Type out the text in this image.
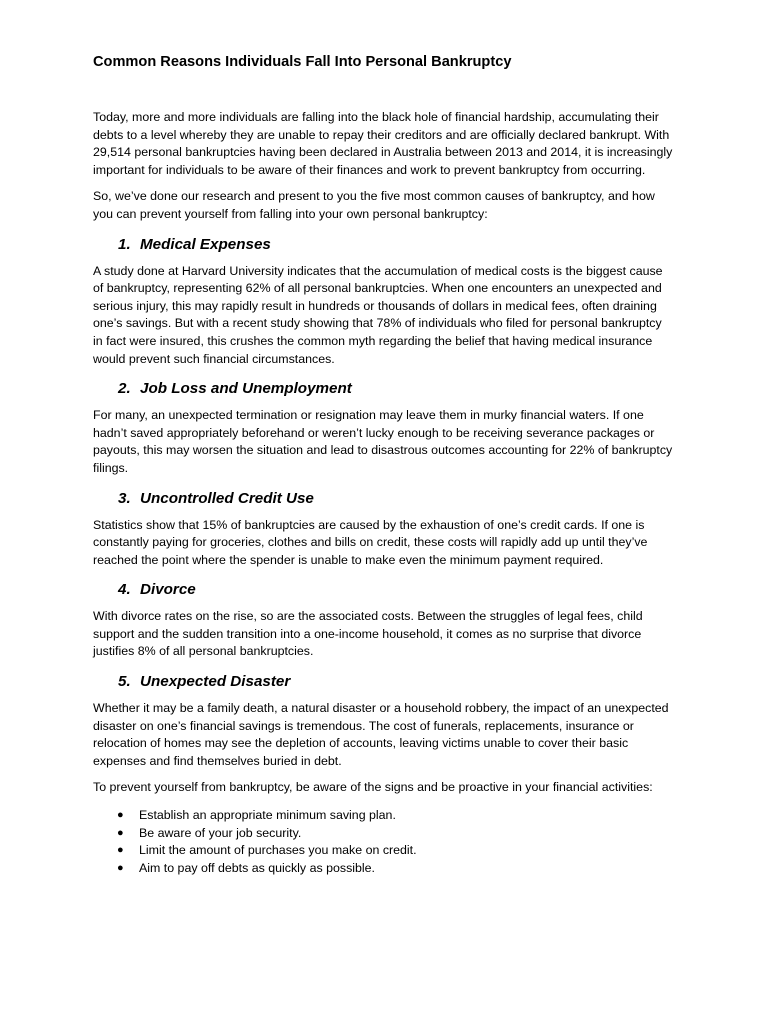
Common Reasons Individuals Fall Into Personal Bankruptcy

Today, more and more individuals are falling into the black hole of financial hardship, accumulating their debts to a level whereby they are unable to repay their creditors and are officially declared bankrupt. With 29,514 personal bankruptcies having been declared in Australia between 2013 and 2014, it is increasingly important for individuals to be aware of their finances and work to prevent bankruptcy from occurring.

So, we’ve done our research and present to you the five most common causes of bankruptcy, and how you can prevent yourself from falling into your own personal bankruptcy:

1. Medical Expenses

A study done at Harvard University indicates that the accumulation of medical costs is the biggest cause of bankruptcy, representing 62% of all personal bankruptcies. When one encounters an unexpected and serious injury, this may rapidly result in hundreds or thousands of dollars in medical fees, often draining one’s savings. But with a recent study showing that 78% of individuals who filed for personal bankruptcy in fact were insured, this crushes the common myth regarding the belief that having medical insurance would prevent such financial circumstances.

2. Job Loss and Unemployment

For many, an unexpected termination or resignation may leave them in murky financial waters. If one hadn’t saved appropriately beforehand or weren’t lucky enough to be receiving severance packages or payouts, this may worsen the situation and lead to disastrous outcomes accounting for 22% of bankruptcy filings.

3. Uncontrolled Credit Use

Statistics show that 15% of bankruptcies are caused by the exhaustion of one’s credit cards. If one is constantly paying for groceries, clothes and bills on credit, these costs will rapidly add up until they’ve reached the point where the spender is unable to make even the minimum payment required.

4. Divorce

With divorce rates on the rise, so are the associated costs. Between the struggles of legal fees, child support and the sudden transition into a one-income household, it comes as no surprise that divorce justifies 8% of all personal bankruptcies.

5. Unexpected Disaster

Whether it may be a family death, a natural disaster or a household robbery, the impact of an unexpected disaster on one’s financial savings is tremendous. The cost of funerals, replacements, insurance or relocation of homes may see the depletion of accounts, leaving victims unable to cover their basic expenses and find themselves buried in debt.

To prevent yourself from bankruptcy, be aware of the signs and be proactive in your financial activities:

●	Establish an appropriate minimum saving plan.
●	Be aware of your job security.
●	Limit the amount of purchases you make on credit.
●	Aim to pay off debts as quickly as possible.
